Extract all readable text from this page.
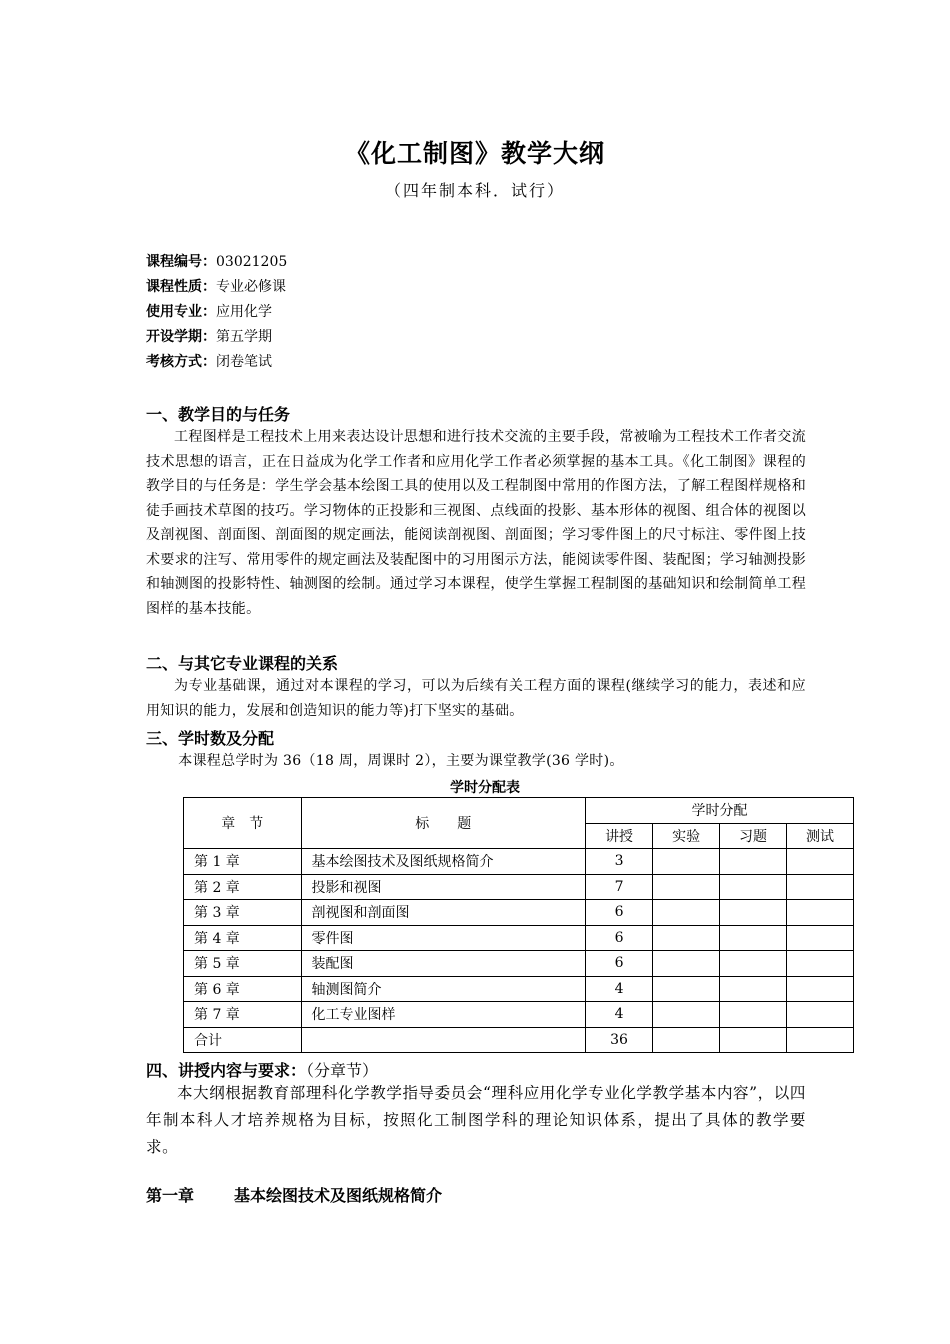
《化工制图》教学大纲
（四年制本科．试行）
课程编号：03021205
课程性质：专业必修课
使用专业：应用化学
开设学期：第五学期
考核方式：闭卷笔试
一、教学目的与任务
工程图样是工程技术上用来表达设计思想和进行技术交流的主要手段，常被喻为工程技术工作者交流技术思想的语言，正在日益成为化学工作者和应用化学工作者必须掌握的基本工具。《化工制图》课程的教学目的与任务是：学生学会基本绘图工具的使用以及工程制图中常用的作图方法，了解工程图样规格和徒手画技术草图的技巧。学习物体的正投影和三视图、点线面的投影、基本形体的视图、组合体的视图以及剖视图、剖面图、剖面图的规定画法，能阅读剖视图、剖面图；学习零件图上的尺寸标注、零件图上技术要求的注写、常用零件的规定画法及装配图中的习用图示方法，能阅读零件图、装配图；学习轴测投影和轴测图的投影特性、轴测图的绘制。通过学习本课程，使学生掌握工程制图的基础知识和绘制简单工程图样的基本技能。
二、与其它专业课程的关系
为专业基础课，通过对本课程的学习，可以为后续有关工程方面的课程(继续学习的能力，表述和应用知识的能力，发展和创造知识的能力等)打下坚实的基础。
三、学时数及分配
本课程总学时为 36（18 周，周课时 2），主要为课堂教学(36 学时)。
学时分配表
章　节	标　　题	学时分配			
		讲授	实验	习题	测试
第 1 章	基本绘图技术及图纸规格简介	3			
第 2 章	投影和视图	7			
第 3 章	剖视图和剖面图	6			
第 4 章	零件图	6			
第 5 章	装配图	6			
第 6 章	轴测图简介	4			
第 7 章	化工专业图样	4			
合计		36			
四、讲授内容与要求：（分章节）
本大纲根据教育部理科化学教学指导委员会“理科应用化学专业化学教学基本内容”，以四年制本科人才培养规格为目标，按照化工制图学科的理论知识体系，提出了具体的教学要求。
第一章	基本绘图技术及图纸规格简介
